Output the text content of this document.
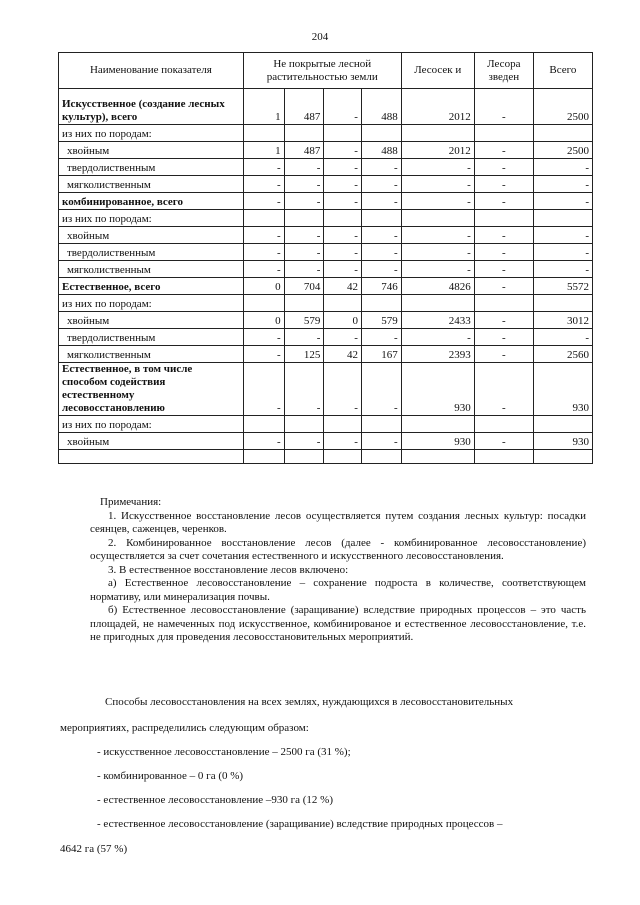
204
Наименование показателя	Не покрытые лесной растительностью земли				Лесосек и	Лесора зведен	Всего
Искусственное (создание лесных культур), всего	1	487	-	488	2012	-	2500
из них по породам:							
хвойным	1	487	-	488	2012	-	2500
твердолиственным	-	-	-	-	-	-	-
мягколиственным	-	-	-	-	-	-	-
комбинированное, всего	-	-	-	-	-	-	-
из них по породам:							
хвойным	-	-	-	-	-	-	-
твердолиственным	-	-	-	-	-	-	-
мягколиственным	-	-	-	-	-	-	-
Естественное, всего	0	704	42	746	4826	-	5572
из них по породам:							
хвойным	0	579	0	579	2433	-	3012
твердолиственным	-	-	-	-	-	-	-
мягколиственным	-	125	42	167	2393	-	2560
Естественное, в том числе способом содействия естественному лесовосстановлению	-	-	-	-	930	-	930
из них по породам:							
хвойным	-	-	-	-	930	-	930

Примечания:

1. Искусственное восстановление лесов осуществляется путем создания лесных культур: посадки сеянцев, саженцев, черенков.

2. Комбинированное восстановление лесов (далее - комбинированное лесовосстановление) осуществляется за счет сочетания естественного и искусственного лесовосстановления.

3. В естественное восстановление лесов включено:

а) Естественное лесовосстановление – сохранение подроста в количестве, соответствующем нормативу, или минерализация почвы.

б) Естественное лесовосстановление (заращивание) вследствие природных процессов – это часть площадей, не намеченных под искусственное, комбинированое и естественное лесовосстановление, т.е. не пригодных для проведения лесовосстановительных мероприятий.

Способы лесовосстановления на всех землях, нуждающихся в лесовосстановительных

мероприятиях, распределились следующим образом:

- искусственное лесовосстановление – 2500 га (31 %);

- комбинированное – 0 га (0 %)

- естественное лесовосстановление –930 га (12 %)

- естественное лесовосстановление (заращивание) вследствие природных процессов –

4642 га (57 %)
